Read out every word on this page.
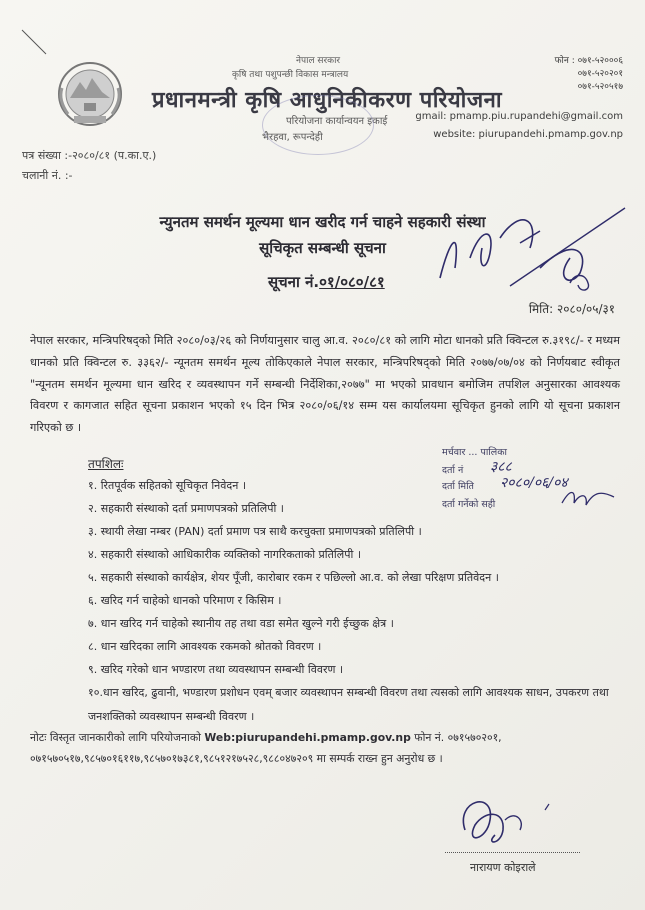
नेपाल सरकार
कृषि तथा पशुपन्छी विकास मन्त्रालय
प्रधानमन्त्री कृषि आधुनिकीकरण परियोजना
परियोजना कार्यान्वयन इकाई
भैरहवा, रूपन्देही
फोन : ०७१-५२०००६
०७१-५२०२०१
०७१-५२०५१७
gmail: pmamp.piu.rupandehi@gmail.com
website: piurupandehi.pmamp.gov.np
पत्र संख्या :-२०८०/८१ (प.का.ए.)
चलानी नं. :-
न्युनतम समर्थन मूल्यमा धान खरीद गर्न चाहने सहकारी संस्था
सूचिकृत सम्बन्धी सूचना
सूचना नं.०१/०८०/८१
मिति: २०८०/०५/३१
नेपाल सरकार, मन्त्रिपरिषद्को मिति २०८०/०३/२६ को निर्णयानुसार चालु आ.व. २०८०/८१ को लागि मोटा धानको प्रति क्विन्टल रु.३१९८/- र मध्यम धानको प्रति क्विन्टल रु. ३३६२/- न्यूनतम समर्थन मूल्य तोकिएकाले नेपाल सरकार, मन्त्रिपरिषद्को मिति २०७७/०७/०४ को निर्णयबाट स्वीकृत "न्यूनतम समर्थन मूल्यमा धान खरिद र व्यवस्थापन गर्ने सम्बन्धी निर्देशिका,२०७७" मा भएको प्रावधान बमोजिम तपशिल अनुसारका आवश्यक विवरण र कागजात सहित सूचना प्रकाशन भएको १५ दिन भित्र २०८०/०६/१४ सम्म यस कार्यालयमा सूचिकृत हुनको लागि यो सूचना प्रकाशन गरिएको छ ।
तपशिलः
१. रितपूर्वक सहितको सूचिकृत निवेदन ।
२. सहकारी संस्थाको दर्ता प्रमाणपत्रको प्रतिलिपी ।
३. स्थायी लेखा नम्बर (PAN) दर्ता प्रमाण पत्र साथै करचुक्ता प्रमाणपत्रको प्रतिलिपी ।
४. सहकारी संस्थाको आधिकारीक व्यक्तिको नागरिकताको प्रतिलिपी ।
५. सहकारी संस्थाको कार्यक्षेत्र, शेयर पूँजी, कारोबार रकम र पछिल्लो आ.व. को लेखा परिक्षण प्रतिवेदन ।
६. खरिद गर्न चाहेको धानको परिमाण र किसिम ।
७. धान खरिद गर्न चाहेको स्थानीय तह तथा वडा समेत खुल्ने गरी ईच्छुक क्षेत्र ।
८. धान खरिदका लागि आवश्यक रकमको श्रोतको विवरण ।
९. खरिद गरेको धान भण्डारण तथा व्यवस्थापन सम्बन्धी विवरण ।
१०.धान खरिद, ढुवानी, भण्डारण प्रशोधन एवम् बजार व्यवस्थापन सम्बन्धी विवरण तथा त्यसको लागि आवश्यक साधन, उपकरण तथा जनशक्तिको व्यवस्थापन सम्बन्धी विवरण ।
मर्चवार ... पालिका
दर्ता नं ३८८
दर्ता मिति २०८०/०६/०४
दर्ता गर्नेको सही
नोटः विस्तृत जानकारीको लागि परियोजनाको Web:piurupandehi.pmamp.gov.np फोन नं. ०७१५७०२०१, ०७१५७०५१७,९८५७०१६११७,९८५७०१७३८१,९८५१२१७५२८,९८८०४७२०९ मा सम्पर्क राख्न हुन अनुरोध छ ।
नारायण कोइराले
